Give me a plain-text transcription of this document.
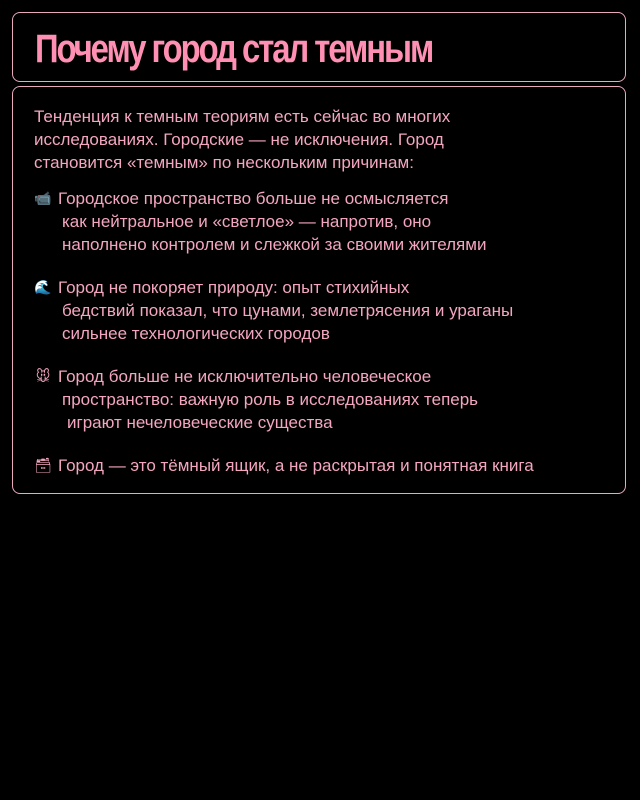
Почему город стал темным

Тенденция к темным теориям есть сейчас во многих
исследованиях. Городские — не исключения. Город
становится «темным» по нескольким причинам:

📹 Городское пространство больше не осмысляется
как нейтральное и «светлое» — напротив, оно
наполнено контролем и слежкой за своими жителями
🌊 Город не покоряет природу: опыт стихийных
бедствий показал, что цунами, землетрясения и ураганы
сильнее технологических городов
🐭 Город больше не исключительно человеческое
пространство: важную роль в исследованиях теперь
играют нечеловеческие существа
🗃 Город — это тёмный ящик, а не раскрытая и понятная книга
